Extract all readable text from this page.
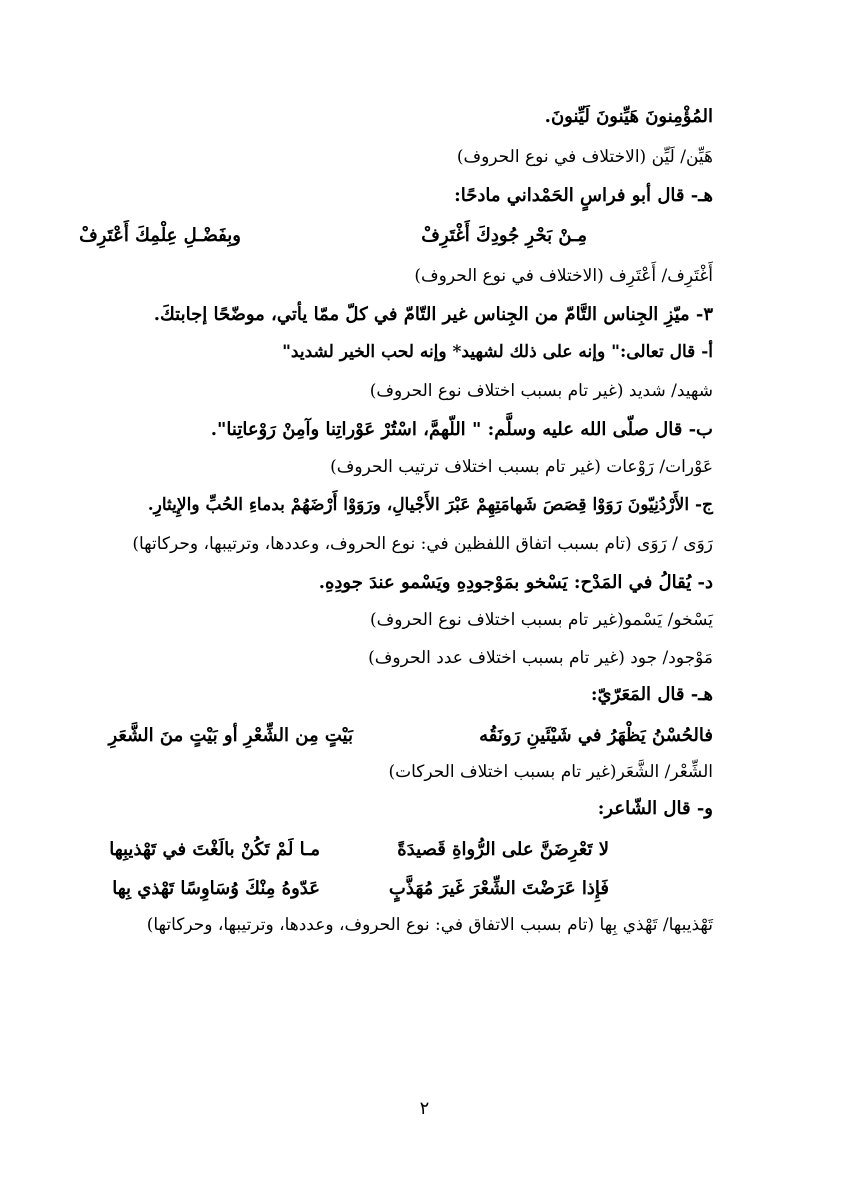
المُؤْمِنونَ هَيِّنونَ لَيِّنونَ.
هَيِّن/ لَيِّن (الاختلاف في نوع الحروف)
هـ- قال أبو فراسٍ الحَمْداني مادحًا:
مِـنْ بَحْرِ جُودِكَ أَغْتَرِفْ
وبِفَضْـلِ عِلْمِكَ أَعْتَرِفْ
أَغْتَرِف/ أَعْتَرِف (الاختلاف في نوع الحروف)
٣- ميّزِ الجِناس التَّامّ من الجِناس غير التّامّ في كلّ ممّا يأتي، موضّحًا إجابتكَ.
أ- قال تعالى:" وإنه على ذلك لشهيد* وإنه لحب الخير لشديد"
شهيد/ شديد (غير تام بسبب اختلاف نوع الحروف)
ب- قال صلّى الله عليه وسلَّم: " اللّهمَّ، اسْتُرْ عَوْراتِنا وآمِنْ رَوْعاتِنا".
عَوْرات/ رَوْعات (غير تام بسبب اختلاف ترتيب الحروف)
ج- الأَرْدُنِيّونَ رَوَوْا قِصَصَ شَهامَتِهِمْ عَبْرَ الأَجْيالِ، ورَوَوْا أَرْضَهُمْ بدماءِ الحُبِّ والإِيثارِ.
رَوَى / رَوَى (تام بسبب اتفاق اللفظين في: نوع الحروف، وعددها، وترتيبها، وحركاتها)
د- يُقالُ في المَدْح: يَسْخو بمَوْجودِهِ ويَسْمو عندَ جودِهِ.
يَسْخو/ يَسْمو(غير تام بسبب اختلاف نوع الحروف)
مَوْجود/ جود (غير تام بسبب اختلاف عدد الحروف)
هـ- قال المَعَرّيّ:
فالحُسْنُ يَظْهَرُ في شَيْئَينِ رَونَقُه
بَيْتٍ مِن الشِّعْرِ أو بَيْتٍ منَ الشَّعَرِ
الشِّعْر/ الشَّعَر(غير تام بسبب اختلاف الحركات)
و- قال الشّاعر:
لا تَعْرِضَنَّ على الرُّواةِ قَصيدَةً
مـا لَمْ تَكُنْ بالَغْتَ في تَهْذيبِها
فَإِذا عَرَضْتَ الشِّعْرَ غَيرَ مُهَذَّبٍ
عَدّوهُ مِنْكَ وُسَاوِسًا تَهْذي بِها
تَهْذيبها/ تَهْذي بِها (تام بسبب الاتفاق في: نوع الحروف، وعددها، وترتيبها، وحركاتها)
٢
